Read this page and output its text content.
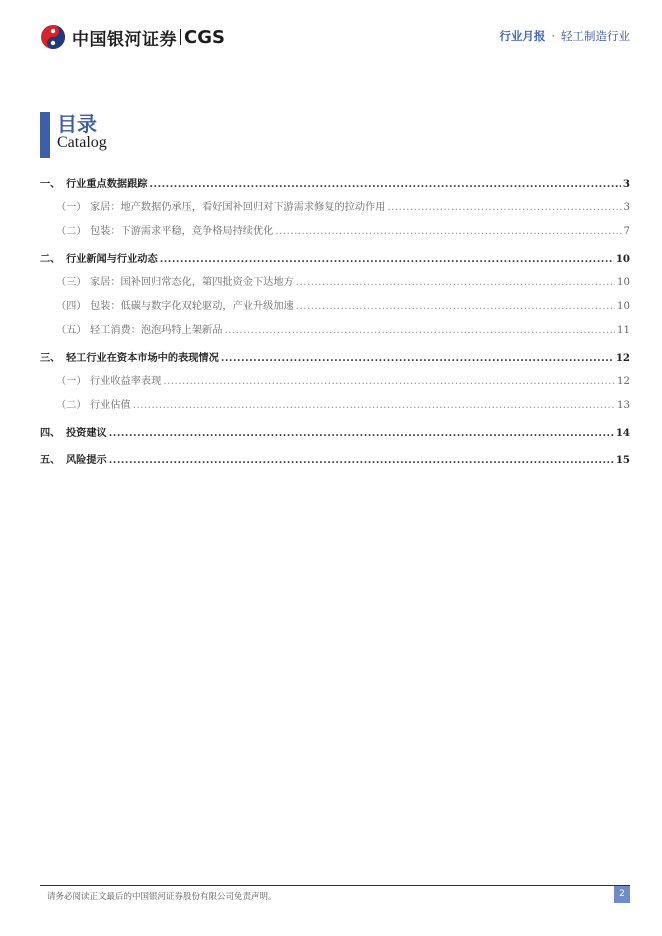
中国银河证券 CGS	行业月报 · 轻工制造行业
目录
Catalog
一、 行业重点数据跟踪 .....	3
（一） 家居：地产数据仍承压，看好国补回归对下游需求修复的拉动作用 .....	3
（二） 包装：下游需求平稳，竞争格局持续优化 .....	7
二、 行业新闻与行业动态 .....	10
（三） 家居：国补回归常态化，第四批资金下达地方 .....	10
（四） 包装：低碳与数字化双轮驱动，产业升级加速 .....	10
（五） 轻工消费：泡泡玛特上架新品 .....	11
三、 轻工行业在资本市场中的表现情况 .....	12
（一） 行业收益率表现 .....	12
（二） 行业估值 .....	13
四、 投资建议 .....	14
五、 风险提示 .....	15
请务必阅读正文最后的中国银河证券股份有限公司免责声明。	2
